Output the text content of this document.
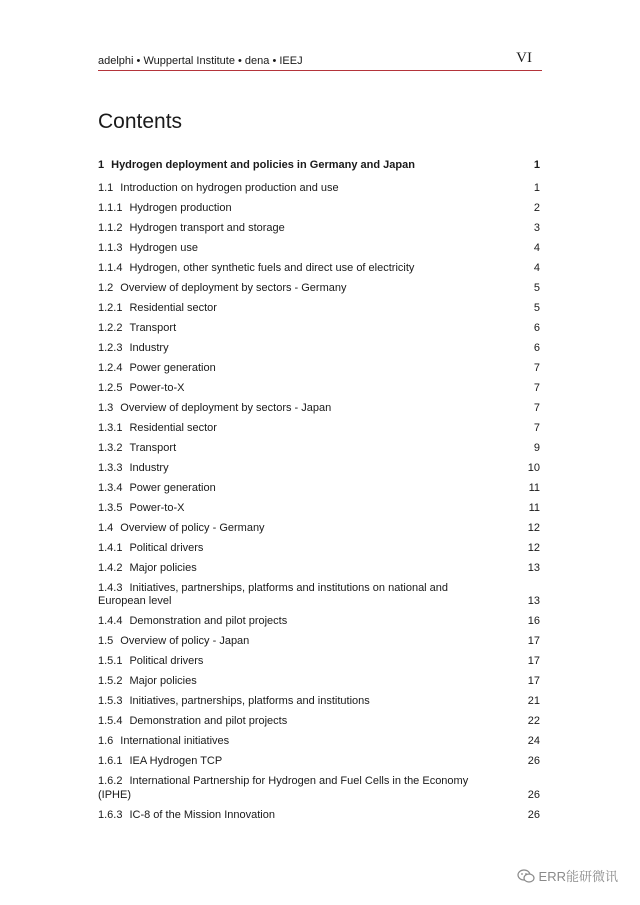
adelphi • Wuppertal Institute • dena • IEEJ	VI
Contents
1 Hydrogen deployment and policies in Germany and Japan	1
1.1 Introduction on hydrogen production and use	1
1.1.1 Hydrogen production	2
1.1.2 Hydrogen transport and storage	3
1.1.3 Hydrogen use	4
1.1.4 Hydrogen, other synthetic fuels and direct use of electricity	4
1.2 Overview of deployment by sectors - Germany	5
1.2.1 Residential sector	5
1.2.2 Transport	6
1.2.3 Industry	6
1.2.4 Power generation	7
1.2.5 Power-to-X	7
1.3 Overview of deployment by sectors - Japan	7
1.3.1 Residential sector	7
1.3.2 Transport	9
1.3.3 Industry	10
1.3.4 Power generation	11
1.3.5 Power-to-X	11
1.4 Overview of policy - Germany	12
1.4.1 Political drivers	12
1.4.2 Major policies	13
1.4.3 Initiatives, partnerships, platforms and institutions on national and European level	13
1.4.4 Demonstration and pilot projects	16
1.5 Overview of policy - Japan	17
1.5.1 Political drivers	17
1.5.2 Major policies	17
1.5.3 Initiatives, partnerships, platforms and institutions	21
1.5.4 Demonstration and pilot projects	22
1.6 International initiatives	24
1.6.1 IEA Hydrogen TCP	26
1.6.2 International Partnership for Hydrogen and Fuel Cells in the Economy (IPHE)	26
1.6.3 IC-8 of the Mission Innovation	26
ERR能研微讯
